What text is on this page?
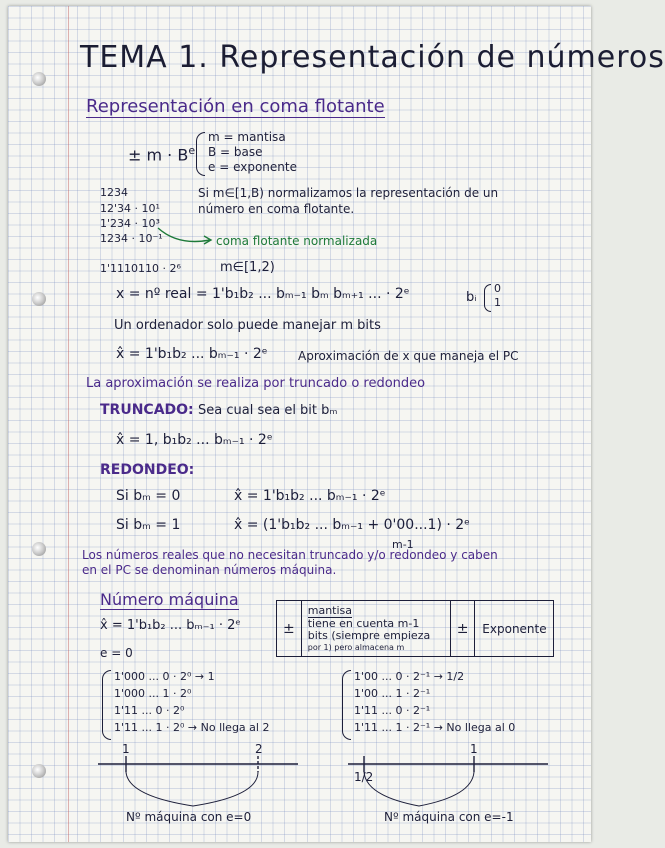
TEMA 1. Representación de números
Representación en coma flotante
± $m \cdot B^e$
m = mantisa
B = base
e = exponente
1234
12'34 · 10¹
1'234 · 10³
1234 · 10⁻¹
Si m∈[1,B) normalizamos la representación de un
número en coma flotante.
coma flotante normalizada
1'1110110 · 2⁶	m∈[1,2)
x = nº real = 1'b₁b₂ ... bₘ₋₁ bₘ bₘ₊₁ ... · 2ᵉ	bᵢ
0
1
Un ordenador solo puede manejar m bits
x̂ = 1'b₁b₂ ... bₘ₋₁ · 2ᵉ	Aproximación de x que maneja el PC
La aproximación se realiza por truncado o redondeo
TRUNCADO: Sea cual sea el bit bₘ
x̂ = 1, b₁b₂ ... bₘ₋₁ · 2ᵉ
REDONDEO:
Si bₘ = 0	x̂ = 1'b₁b₂ ... bₘ₋₁ · 2ᵉ
m-1
Si bₘ = 1	x̂ = (1'b₁b₂ ... bₘ₋₁ + 0'00...1) · 2ᵉ
Los números reales que no necesitan truncado y/o redondeo y caben
en el PC se denominan números máquina.
Número máquina
x̂ = 1'b₁b₂ ... bₘ₋₁ · 2ᵉ
e = 0
±	mantisa
tiene en cuenta m-1
bits (siempre empieza
por 1) pero almacena m
	±	Exponente
1'000 ... 0 · 2⁰ → 1
1'000 ... 1 · 2⁰
1'11 ... 0 · 2⁰
1'11 ... 1 · 2⁰ → No llega al 2
1'00 ... 0 · 2⁻¹ → 1/2
1'00 ... 1 · 2⁻¹
1'11 ... 0 · 2⁻¹
1'11 ... 1 · 2⁻¹ → No llega al 0
1	2
1/2
1
Nº máquina con e=0	Nº máquina con e=-1
